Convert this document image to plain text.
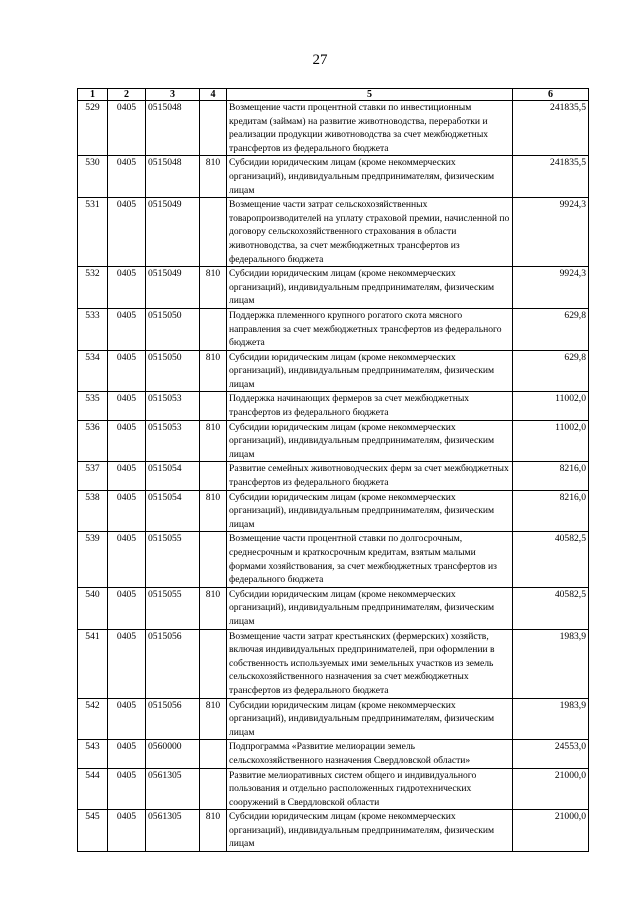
27
1	2	3	4	5	6
529	0405	0515048		Возмещение части процентной ставки по инвестиционным кредитам (займам) на развитие животноводства, переработки и реализации продукции животноводства за счет межбюджетных трансфертов из федерального бюджета	241835,5
530	0405	0515048	810	Субсидии юридическим лицам (кроме некоммерческих организаций), индивидуальным предпринимателям, физическим лицам	241835,5
531	0405	0515049		Возмещение части затрат сельскохозяйственных товаропроизводителей на уплату страховой премии, начисленной по договору сельскохозяйственного страхования в области животноводства, за счет межбюджетных трансфертов из федерального бюджета	9924,3
532	0405	0515049	810	Субсидии юридическим лицам (кроме некоммерческих организаций), индивидуальным предпринимателям, физическим лицам	9924,3
533	0405	0515050		Поддержка племенного крупного рогатого скота мясного направления за счет межбюджетных трансфертов из федерального бюджета	629,8
534	0405	0515050	810	Субсидии юридическим лицам (кроме некоммерческих организаций), индивидуальным предпринимателям, физическим лицам	629,8
535	0405	0515053		Поддержка начинающих фермеров за счет межбюджетных трансфертов из федерального бюджета	11002,0
536	0405	0515053	810	Субсидии юридическим лицам (кроме некоммерческих организаций), индивидуальным предпринимателям, физическим лицам	11002,0
537	0405	0515054		Развитие семейных животноводческих ферм за счет межбюджетных трансфертов из федерального бюджета	8216,0
538	0405	0515054	810	Субсидии юридическим лицам (кроме некоммерческих организаций), индивидуальным предпринимателям, физическим лицам	8216,0
539	0405	0515055		Возмещение части процентной ставки по долгосрочным, среднесрочным и краткосрочным кредитам, взятым малыми формами хозяйствования, за счет межбюджетных трансфертов из федерального бюджета	40582,5
540	0405	0515055	810	Субсидии юридическим лицам (кроме некоммерческих организаций), индивидуальным предпринимателям, физическим лицам	40582,5
541	0405	0515056		Возмещение части затрат крестьянских (фермерских) хозяйств, включая индивидуальных предпринимателей, при оформлении в собственность используемых ими земельных участков из земель сельскохозяйственного назначения за счет межбюджетных трансфертов из федерального бюджета	1983,9
542	0405	0515056	810	Субсидии юридическим лицам (кроме некоммерческих организаций), индивидуальным предпринимателям, физическим лицам	1983,9
543	0405	0560000		Подпрограмма «Развитие мелиорации земель сельскохозяйственного назначения Свердловской области»	24553,0
544	0405	0561305		Развитие мелиоративных систем общего и индивидуального пользования и отдельно расположенных гидротехнических сооружений в Свердловской области	21000,0
545	0405	0561305	810	Субсидии юридическим лицам (кроме некоммерческих организаций), индивидуальным предпринимателям, физическим лицам	21000,0
